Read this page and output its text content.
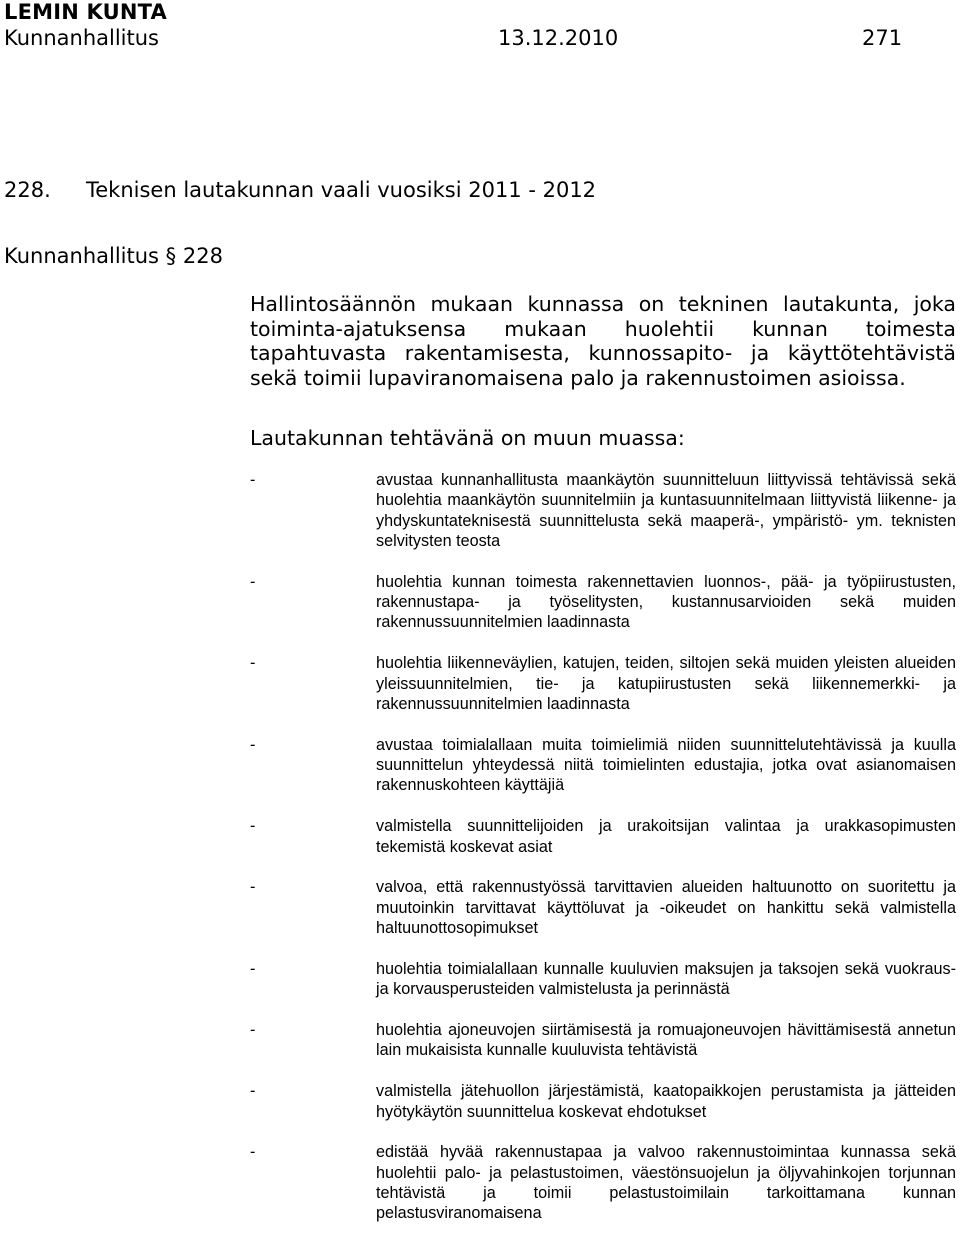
LEMIN KUNTA
Kunnanhallitus	13.12.2010	271
228. Teknisen lautakunnan vaali vuosiksi 2011 - 2012
Kunnanhallitus § 228

Hallintosäännön mukaan kunnassa on tekninen lautakunta, joka toiminta-ajatuksensa mukaan huolehtii kunnan toimesta tapahtuvasta rakentamisesta, kunnossapito- ja käyttötehtävistä sekä toimii lupaviranomaisena palo ja rakennustoimen asioissa.

Lautakunnan tehtävänä on muun muassa:
-	avustaa kunnanhallitusta maankäytön suunnitteluun liittyvissä tehtävissä sekä huolehtia maankäytön suunnitelmiin ja kuntasuunnitelmaan liittyvistä liikenne- ja yhdyskuntateknisestä suunnittelusta sekä maaperä-, ympäristö- ym. teknisten selvitysten teosta
-	huolehtia kunnan toimesta rakennettavien luonnos-, pää- ja työpiirustusten, rakennustapa- ja työselitysten, kustannusarvioiden sekä muiden rakennussuunnitelmien laadinnasta
-	huolehtia liikenneväylien, katujen, teiden, siltojen sekä muiden yleisten alueiden yleissuunnitelmien, tie- ja katupiirustusten sekä liikennemerkki- ja rakennussuunnitelmien laadinnasta
-	avustaa toimialallaan muita toimielimiä niiden suunnittelutehtävissä ja kuulla suunnittelun yhteydessä niitä toimielinten edustajia, jotka ovat asianomaisen rakennuskohteen käyttäjiä
-	valmistella suunnittelijoiden ja urakoitsijan valintaa ja urakkasopimusten tekemistä koskevat asiat
-	valvoa, että rakennustyössä tarvittavien alueiden haltuunotto on suoritettu ja muutoinkin tarvittavat käyttöluvat ja -oikeudet on hankittu sekä valmistella haltuunottosopimukset
-	huolehtia toimialallaan kunnalle kuuluvien maksujen ja taksojen sekä vuokraus- ja korvausperusteiden valmistelusta ja perinnästä
-	huolehtia ajoneuvojen siirtämisestä ja romuajoneuvojen hävittämisestä annetun lain mukaisista kunnalle kuuluvista tehtävistä
-	valmistella jätehuollon järjestämistä, kaatopaikkojen perustamista ja jätteiden hyötykäytön suunnittelua koskevat ehdotukset
-	edistää hyvää rakennustapaa ja valvoo rakennustoimintaa kunnassa sekä huolehtii palo- ja pelastustoimen, väestönsuojelun ja öljyvahinkojen torjunnan tehtävistä ja toimii pelastustoimilain tarkoittamana kunnan pelastusviranomaisena
